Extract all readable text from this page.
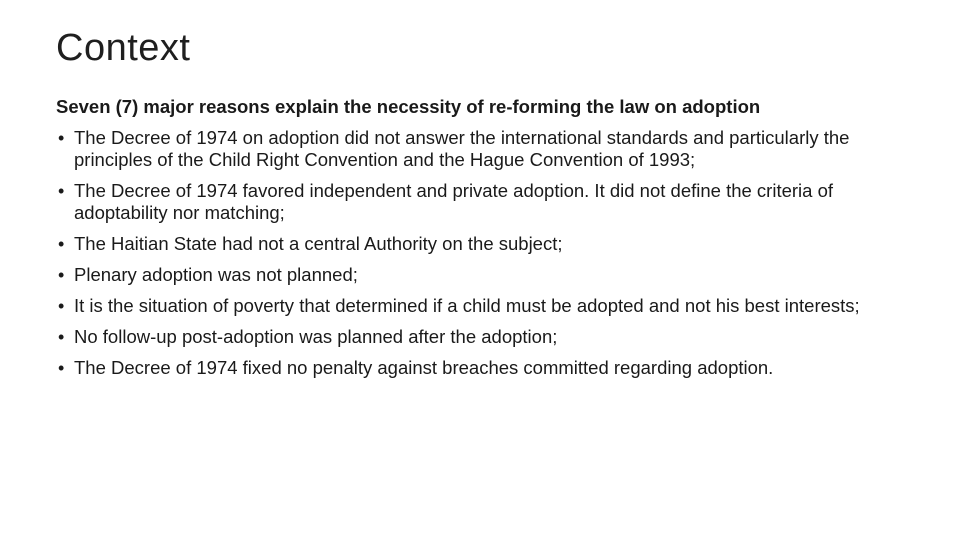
Context

Seven (7) major reasons explain the necessity of re-forming the law on adoption

• The Decree of 1974 on adoption did not answer the international standards and particularly the principles of the Child Right Convention and the Hague Convention of 1993;
• The Decree of 1974 favored independent and private adoption. It did not define the criteria of adoptability nor matching;
• The Haitian State had not a central Authority on the subject;
• Plenary adoption was not planned;
• It is the situation of poverty that determined if a child must be adopted and not his best interests;
• No follow-up post-adoption was planned after the adoption;
• The Decree of 1974 fixed no penalty against breaches committed regarding adoption.
